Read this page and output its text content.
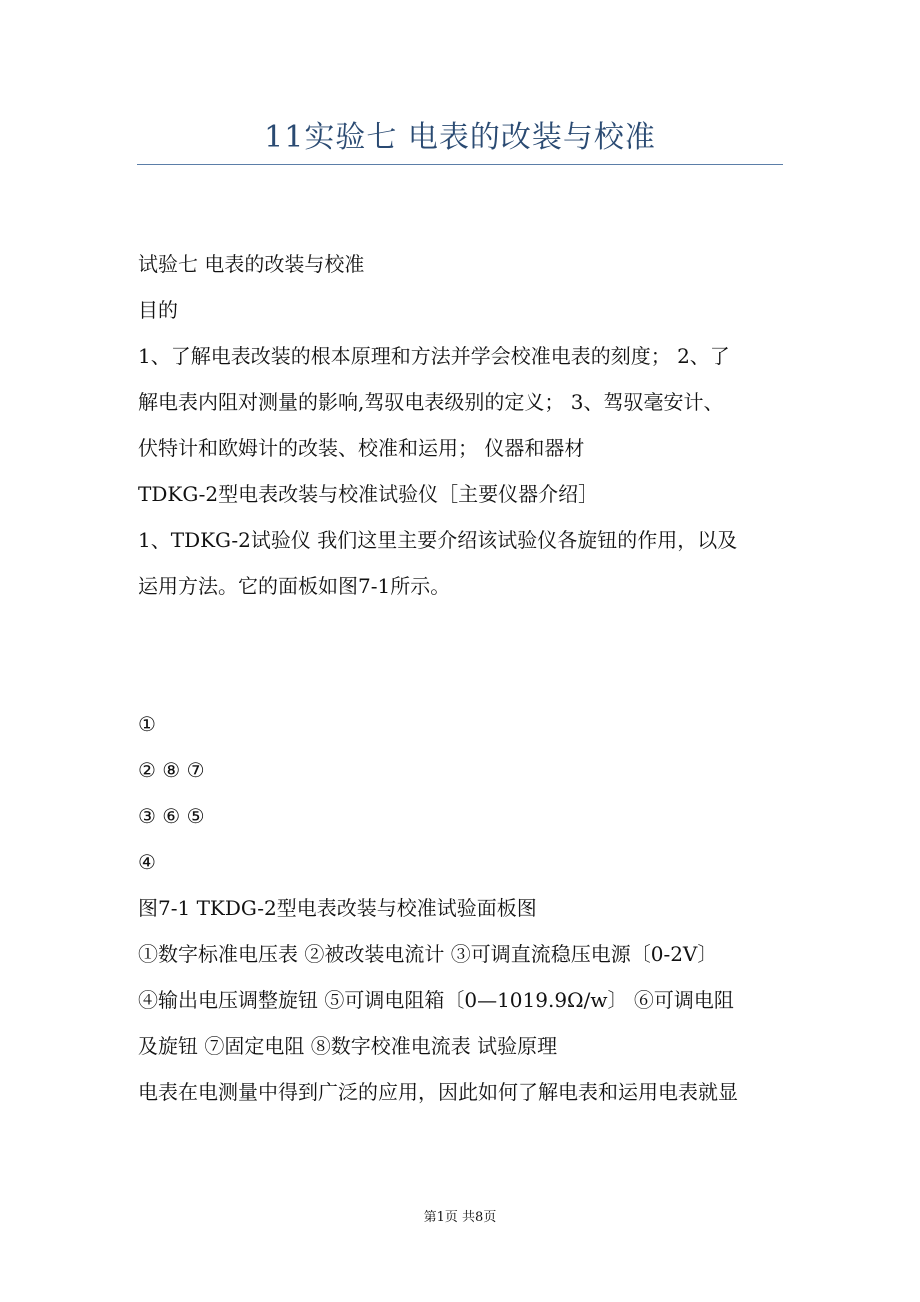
11实验七 电表的改装与校准
试验七 电表的改装与校准
目的
1、了解电表改装的根本原理和方法并学会校准电表的刻度； 2、了
解电表内阻对测量的影响,驾驭电表级别的定义； 3、驾驭毫安计、
伏特计和欧姆计的改装、校准和运用； 仪器和器材
TDKG-2型电表改装与校准试验仪［主要仪器介绍］
1、TDKG-2试验仪 我们这里主要介绍该试验仪各旋钮的作用，以及
运用方法。它的面板如图7-1所示。
①
② ⑧ ⑦
③ ⑥ ⑤
④
图7-1 TKDG-2型电表改装与校准试验面板图
①数字标准电压表 ②被改装电流计 ③可调直流稳压电源〔0-2V〕
④输出电压调整旋钮 ⑤可调电阻箱〔0—1019.9Ω/w〕 ⑥可调电阻
及旋钮 ⑦固定电阻 ⑧数字校准电流表 试验原理
电表在电测量中得到广泛的应用，因此如何了解电表和运用电表就显
第1页 共8页
